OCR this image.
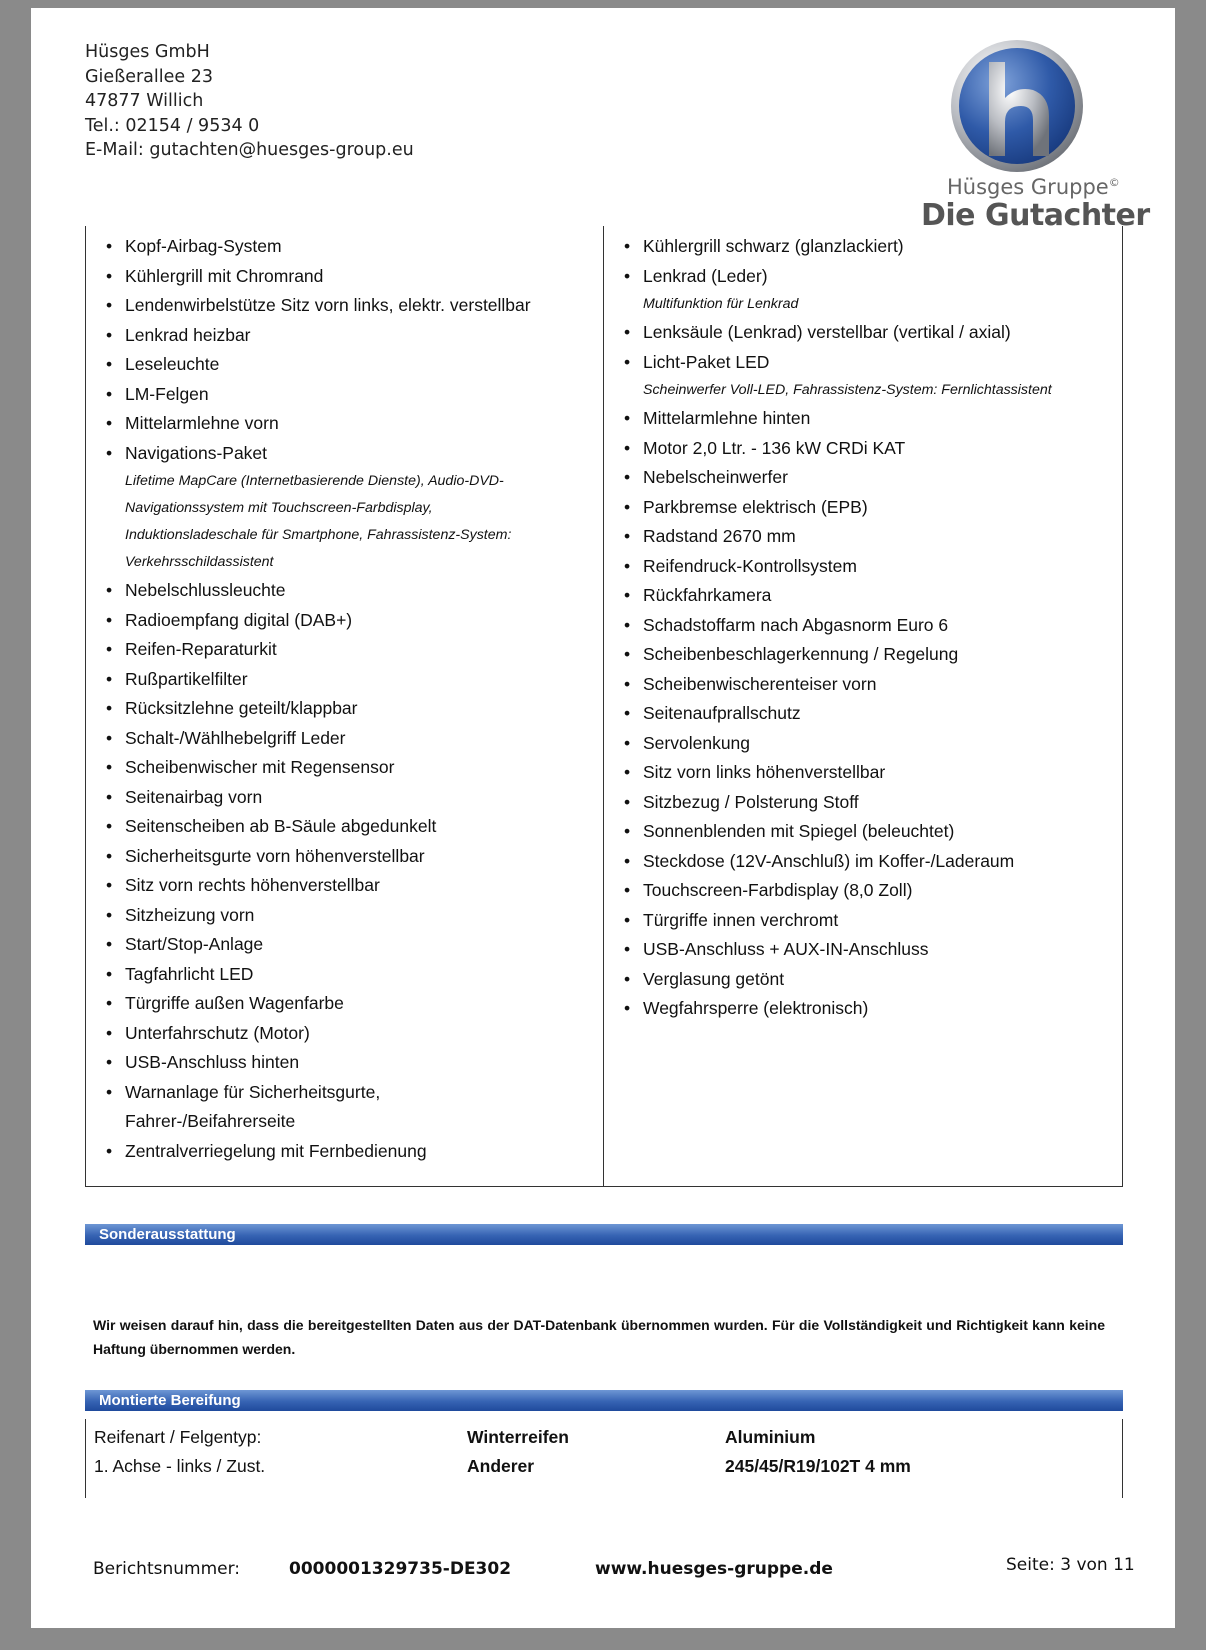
Hüsges GmbH
Gießerallee 23
47877 Willich
Tel.: 02154 / 9534 0
E-Mail: gutachten@huesges-group.eu
Hüsges Gruppe©
Die Gutachter
• Kopf-Airbag-System
• Kühlergrill mit Chromrand
• Lendenwirbelstütze Sitz vorn links, elektr. verstellbar
• Lenkrad heizbar
• Leseleuchte
• LM-Felgen
• Mittelarmlehne vorn
• Navigations-Paket
Lifetime MapCare (Internetbasierende Dienste), Audio-DVD-Navigationssystem mit Touchscreen-Farbdisplay, Induktionsladeschale für Smartphone, Fahrassistenz-System: Verkehrsschildassistent
• Nebelschlussleuchte
• Radioempfang digital (DAB+)
• Reifen-Reparaturkit
• Rußpartikelfilter
• Rücksitzlehne geteilt/klappbar
• Schalt-/Wählhebelgriff Leder
• Scheibenwischer mit Regensensor
• Seitenairbag vorn
• Seitenscheiben ab B-Säule abgedunkelt
• Sicherheitsgurte vorn höhenverstellbar
• Sitz vorn rechts höhenverstellbar
• Sitzheizung vorn
• Start/Stop-Anlage
• Tagfahrlicht LED
• Türgriffe außen Wagenfarbe
• Unterfahrschutz (Motor)
• USB-Anschluss hinten
• Warnanlage für Sicherheitsgurte, Fahrer-/Beifahrerseite
• Zentralverriegelung mit Fernbedienung
• Kühlergrill schwarz (glanzlackiert)
• Lenkrad (Leder)
Multifunktion für Lenkrad
• Lenksäule (Lenkrad) verstellbar (vertikal / axial)
• Licht-Paket LED
Scheinwerfer Voll-LED, Fahrassistenz-System: Fernlichtassistent
• Mittelarmlehne hinten
• Motor 2,0 Ltr. - 136 kW CRDi KAT
• Nebelscheinwerfer
• Parkbremse elektrisch (EPB)
• Radstand 2670 mm
• Reifendruck-Kontrollsystem
• Rückfahrkamera
• Schadstoffarm nach Abgasnorm Euro 6
• Scheibenbeschlagerkennung / Regelung
• Scheibenwischerenteiser vorn
• Seitenaufprallschutz
• Servolenkung
• Sitz vorn links höhenverstellbar
• Sitzbezug / Polsterung Stoff
• Sonnenblenden mit Spiegel (beleuchtet)
• Steckdose (12V-Anschluß) im Koffer-/Laderaum
• Touchscreen-Farbdisplay (8,0 Zoll)
• Türgriffe innen verchromt
• USB-Anschluss + AUX-IN-Anschluss
• Verglasung getönt
• Wegfahrsperre (elektronisch)
Sonderausstattung
Wir weisen darauf hin, dass die bereitgestellten Daten aus der DAT-Datenbank übernommen wurden. Für die Vollständigkeit und Richtigkeit kann keine Haftung übernommen werden.
Montierte Bereifung
Reifenart / Felgentyp:	Winterreifen	Aluminium
1. Achse - links / Zust.	Anderer	245/45/R19/102T 4 mm
Berichtsnummer:	0000001329735-DE302	www.huesges-gruppe.de	Seite: 3 von 11
